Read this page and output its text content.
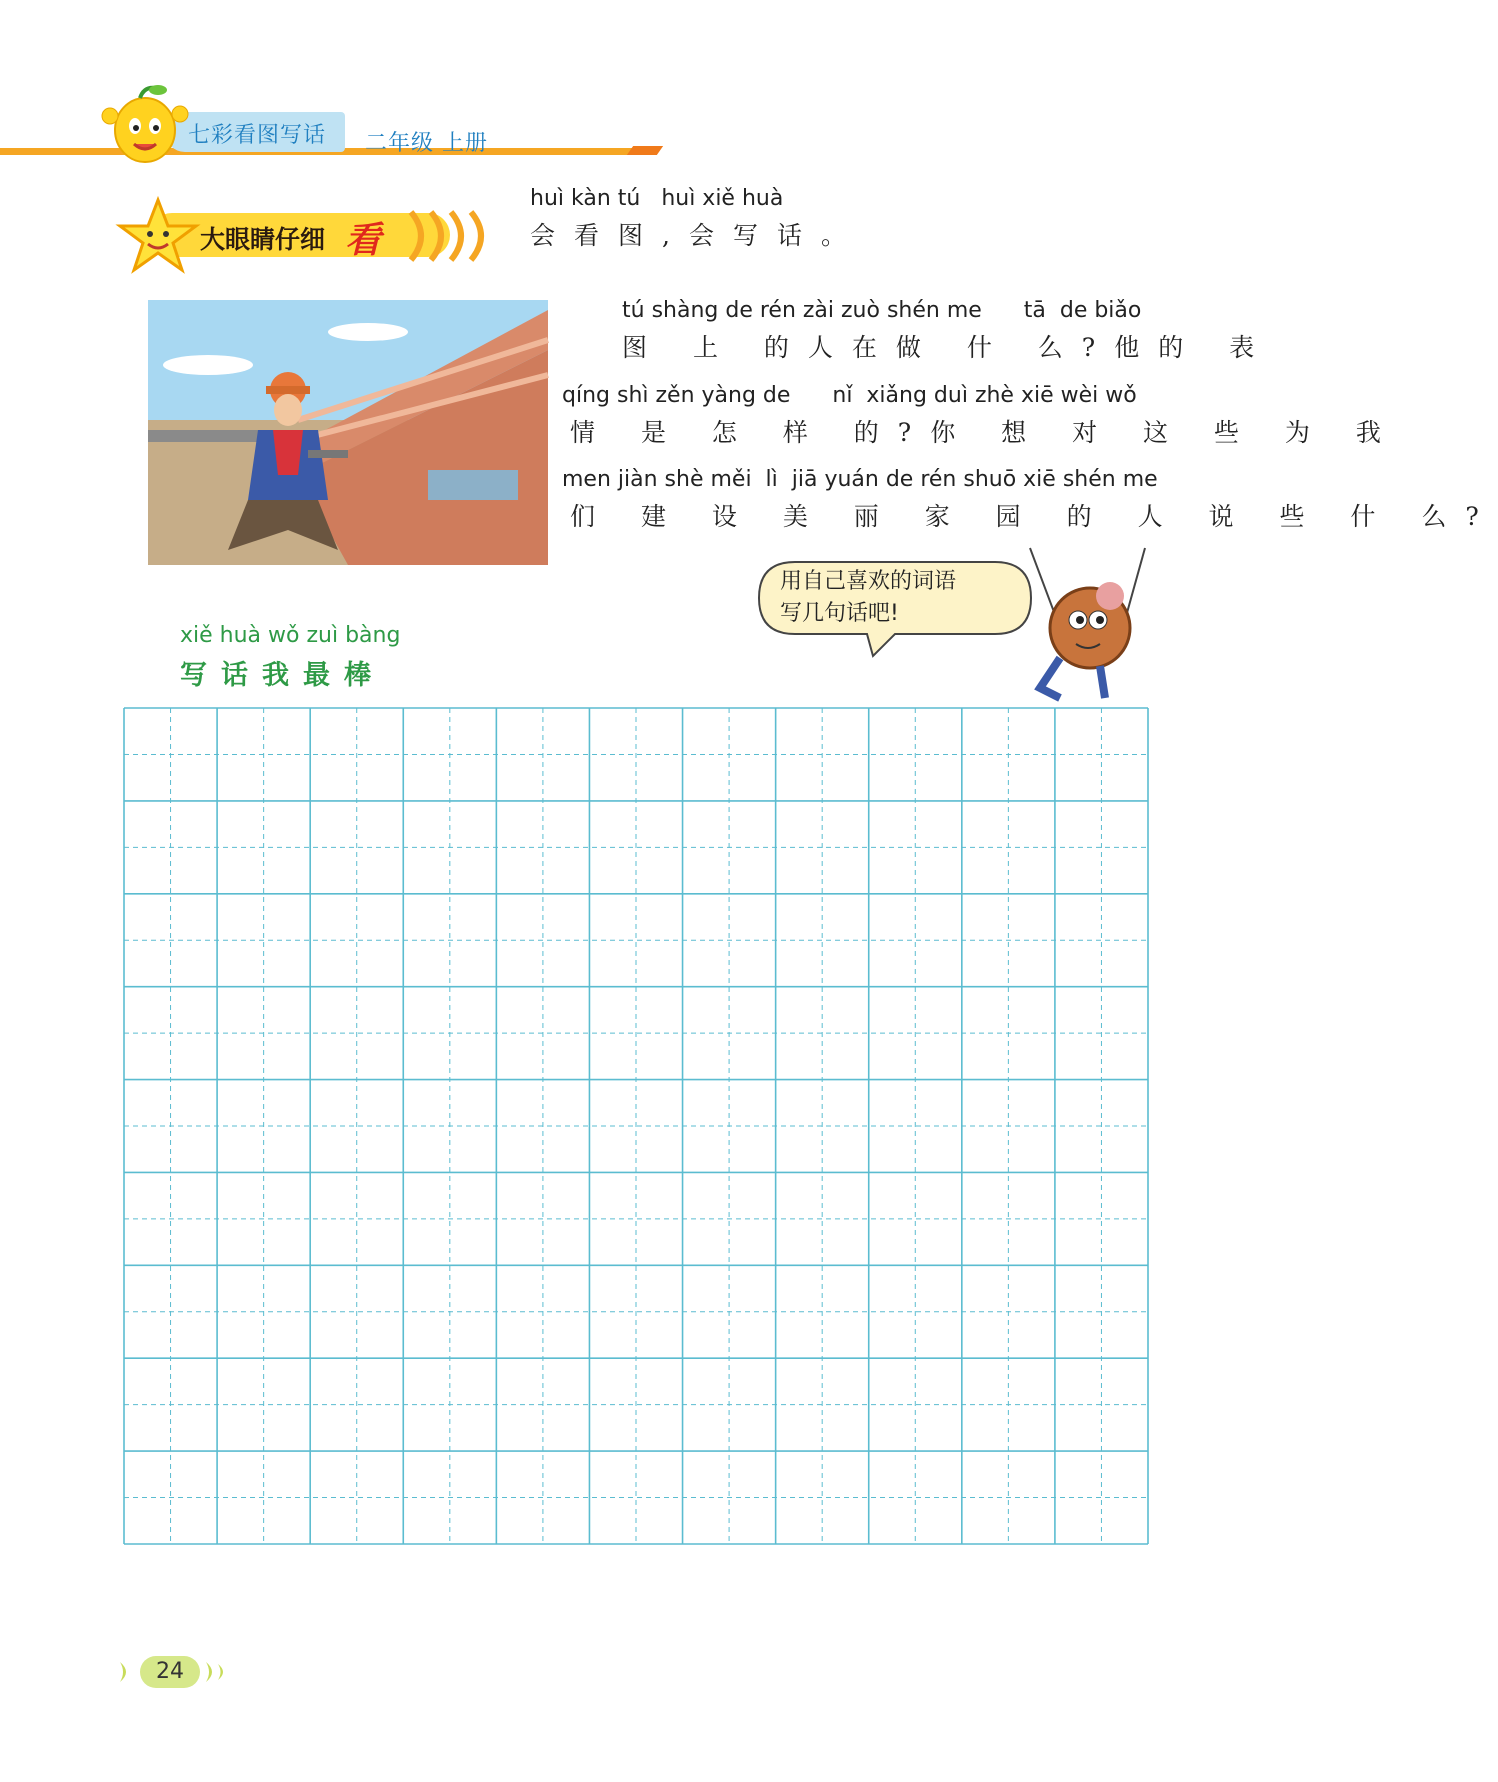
七彩看图写话 二年级 上册
大眼睛仔细 看
huì kàn tú   huì xiě huà
会看图,会写话。
tú shàng de rén zài zuò shén me      tā  de biǎo
图 上 的人在做 什 么?他的 表
qíng shì zěn yàng de      nǐ  xiǎng duì zhè xiē wèi wǒ
情 是 怎 样 的?你 想 对 这 些 为 我
men jiàn shè měi  lì  jiā yuán de rén shuō xiē shén me
们 建 设 美 丽 家 园 的 人 说 些 什 么?
用自己喜欢的词语
写几句话吧!
xiě huà wǒ zuì bàng
写话我最棒
24
